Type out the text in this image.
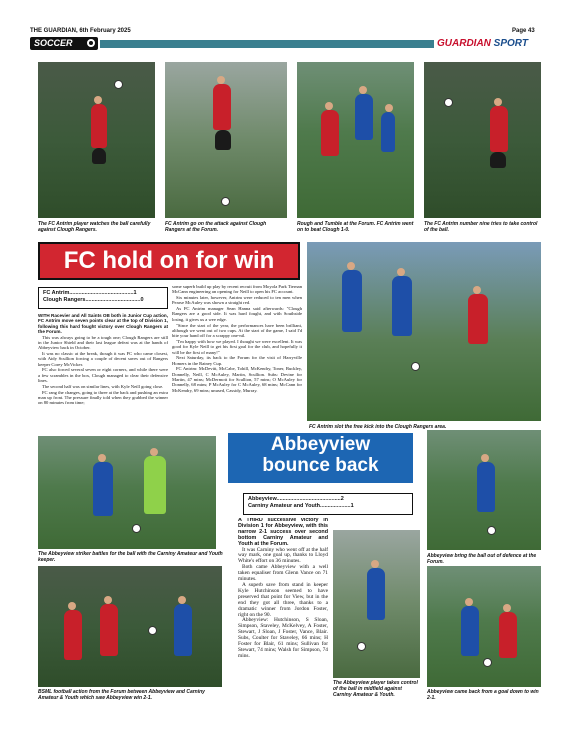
THE GUARDIAN, 6th February 2025	Page 43
SOCCER	GUARDIAN SPORT
The FC Antrim player watches the ball carefully against Clough Rangers.
FC Antrim go on the attack against Clough Rangers at the Forum.
Rough and Tumble at the Forum. FC Antrim went on to beat Clough 1-0.
The FC Antrim number nine tries to take control of the ball.
FC hold on for win
FC Antrim..........................................1
Clough Rangers....................................0

WITH Racevier and All Saints OB both in Junior Cup action, FC Antrim move seven points clear at the top of Division 1, following this hard fought victory over Clough Rangers at the Forum.

This was always going to be a tough one; Clough Rangers are still in the Junior Shield and their last league defeat was at the hands of Abbeyview back in October.

It was no classic at the break, though it was FC who came closest, with Aidy Scullion forcing a couple of decent saves out of Rangers keeper Corey McVicker.

FC also forced several seven or eight corners, and while there were a few scrambles in the box, Clough managed to clear their defensive lines.

The second half was on similar lines, with Kyle Neill going close.

FC rang the changes, going to three at the back and pushing an extra man up front. The pressure finally told when they grabbed the winner on 80 minutes from time;

some superb build up play by recent recruit from Moyola Park Tiernan McCann engineering an opening for Neill to open his FC account.

Six minutes later, however, Antrim were reduced to ten men when Pearse McAuley was shown a straight red.

As FC Antrim manager Sean Hanna said afterwards: "Clough Rangers are a good side. It was hard fought, and with Southside losing, it gives us a wee edge.

"Since the start of the year, the performances have been brilliant, although we went out of two cups. At the start of the game, I said I'd bite your hand off for a scrappy one-nil.

"I'm happy with how we played. I thought we were excellent. It was good for Kyle Neill to get his first goal for the club, and hopefully it will be the first of many!"

Next Saturday, its back to the Forum for the visit of Harryville Homers in the Rainey Cup.

FC Antrim: McDevitt, McCabe, Tohill, McKendry, Toner, Buckley, Donnelly, Neill, C McAuley, Martin, Scullion. Subs: Devine for Martin, 47 mins; McDermott for Scullion, 57 mins; O McAuley for Donnelly, 68 mins; P McAuley for C McAuley, 68 mins; McCann for McKendry, 69 mins; unused, Cassidy, Murray.

FC Antrim slot the free kick into the Clough Rangers area.
Abbeyview
bounce back
Abbeyview..........................................2
Carniny Amateur and Youth....................1
The Abbeyview striker battles for the ball with the Carniny Amateur and Youth keeper.
Abbeyview bring the ball out of defence at the Forum.
BSML football action from the Forum between Abbeyview and Carniny Amateur & Youth which saw Abbeyview win 2-1.

A THIRD successive victory in Division 1 for Abbeyview, with this narrow 2-1 success over second bottom Carniny Amateur and Youth at the Forum.

It was Carniny who went off at the half way mark, one goal up, thanks to Lloyd White's effort on 36 minutes.

Both came Abbeyview with a well taken equaliser from Glenn Vance on 71 minutes.

A superb save from stand in keeper Kyle Hutchinson seemed to have preserved that point for View, but in the end they got all three, thanks to a dramatic winner from Jordon Foster, right on the 90.

Abbeyview: Hutchinson, S Sloan, Simpson, Staveley, McKelvey, A Foster, Stewart, J Sloan, J Foster, Vance, Blair. Subs, Coulter for Staveley, 66 mins; H Foster for Blair, 61 mins; Sullivan for Stewart, 74 mins; Walsh for Simpson, 74 mins.

The Abbeyview player takes control of the ball in midfield against Carniny Amateur & Youth.	Abbeyview came back from a goal down to win 2-1.
